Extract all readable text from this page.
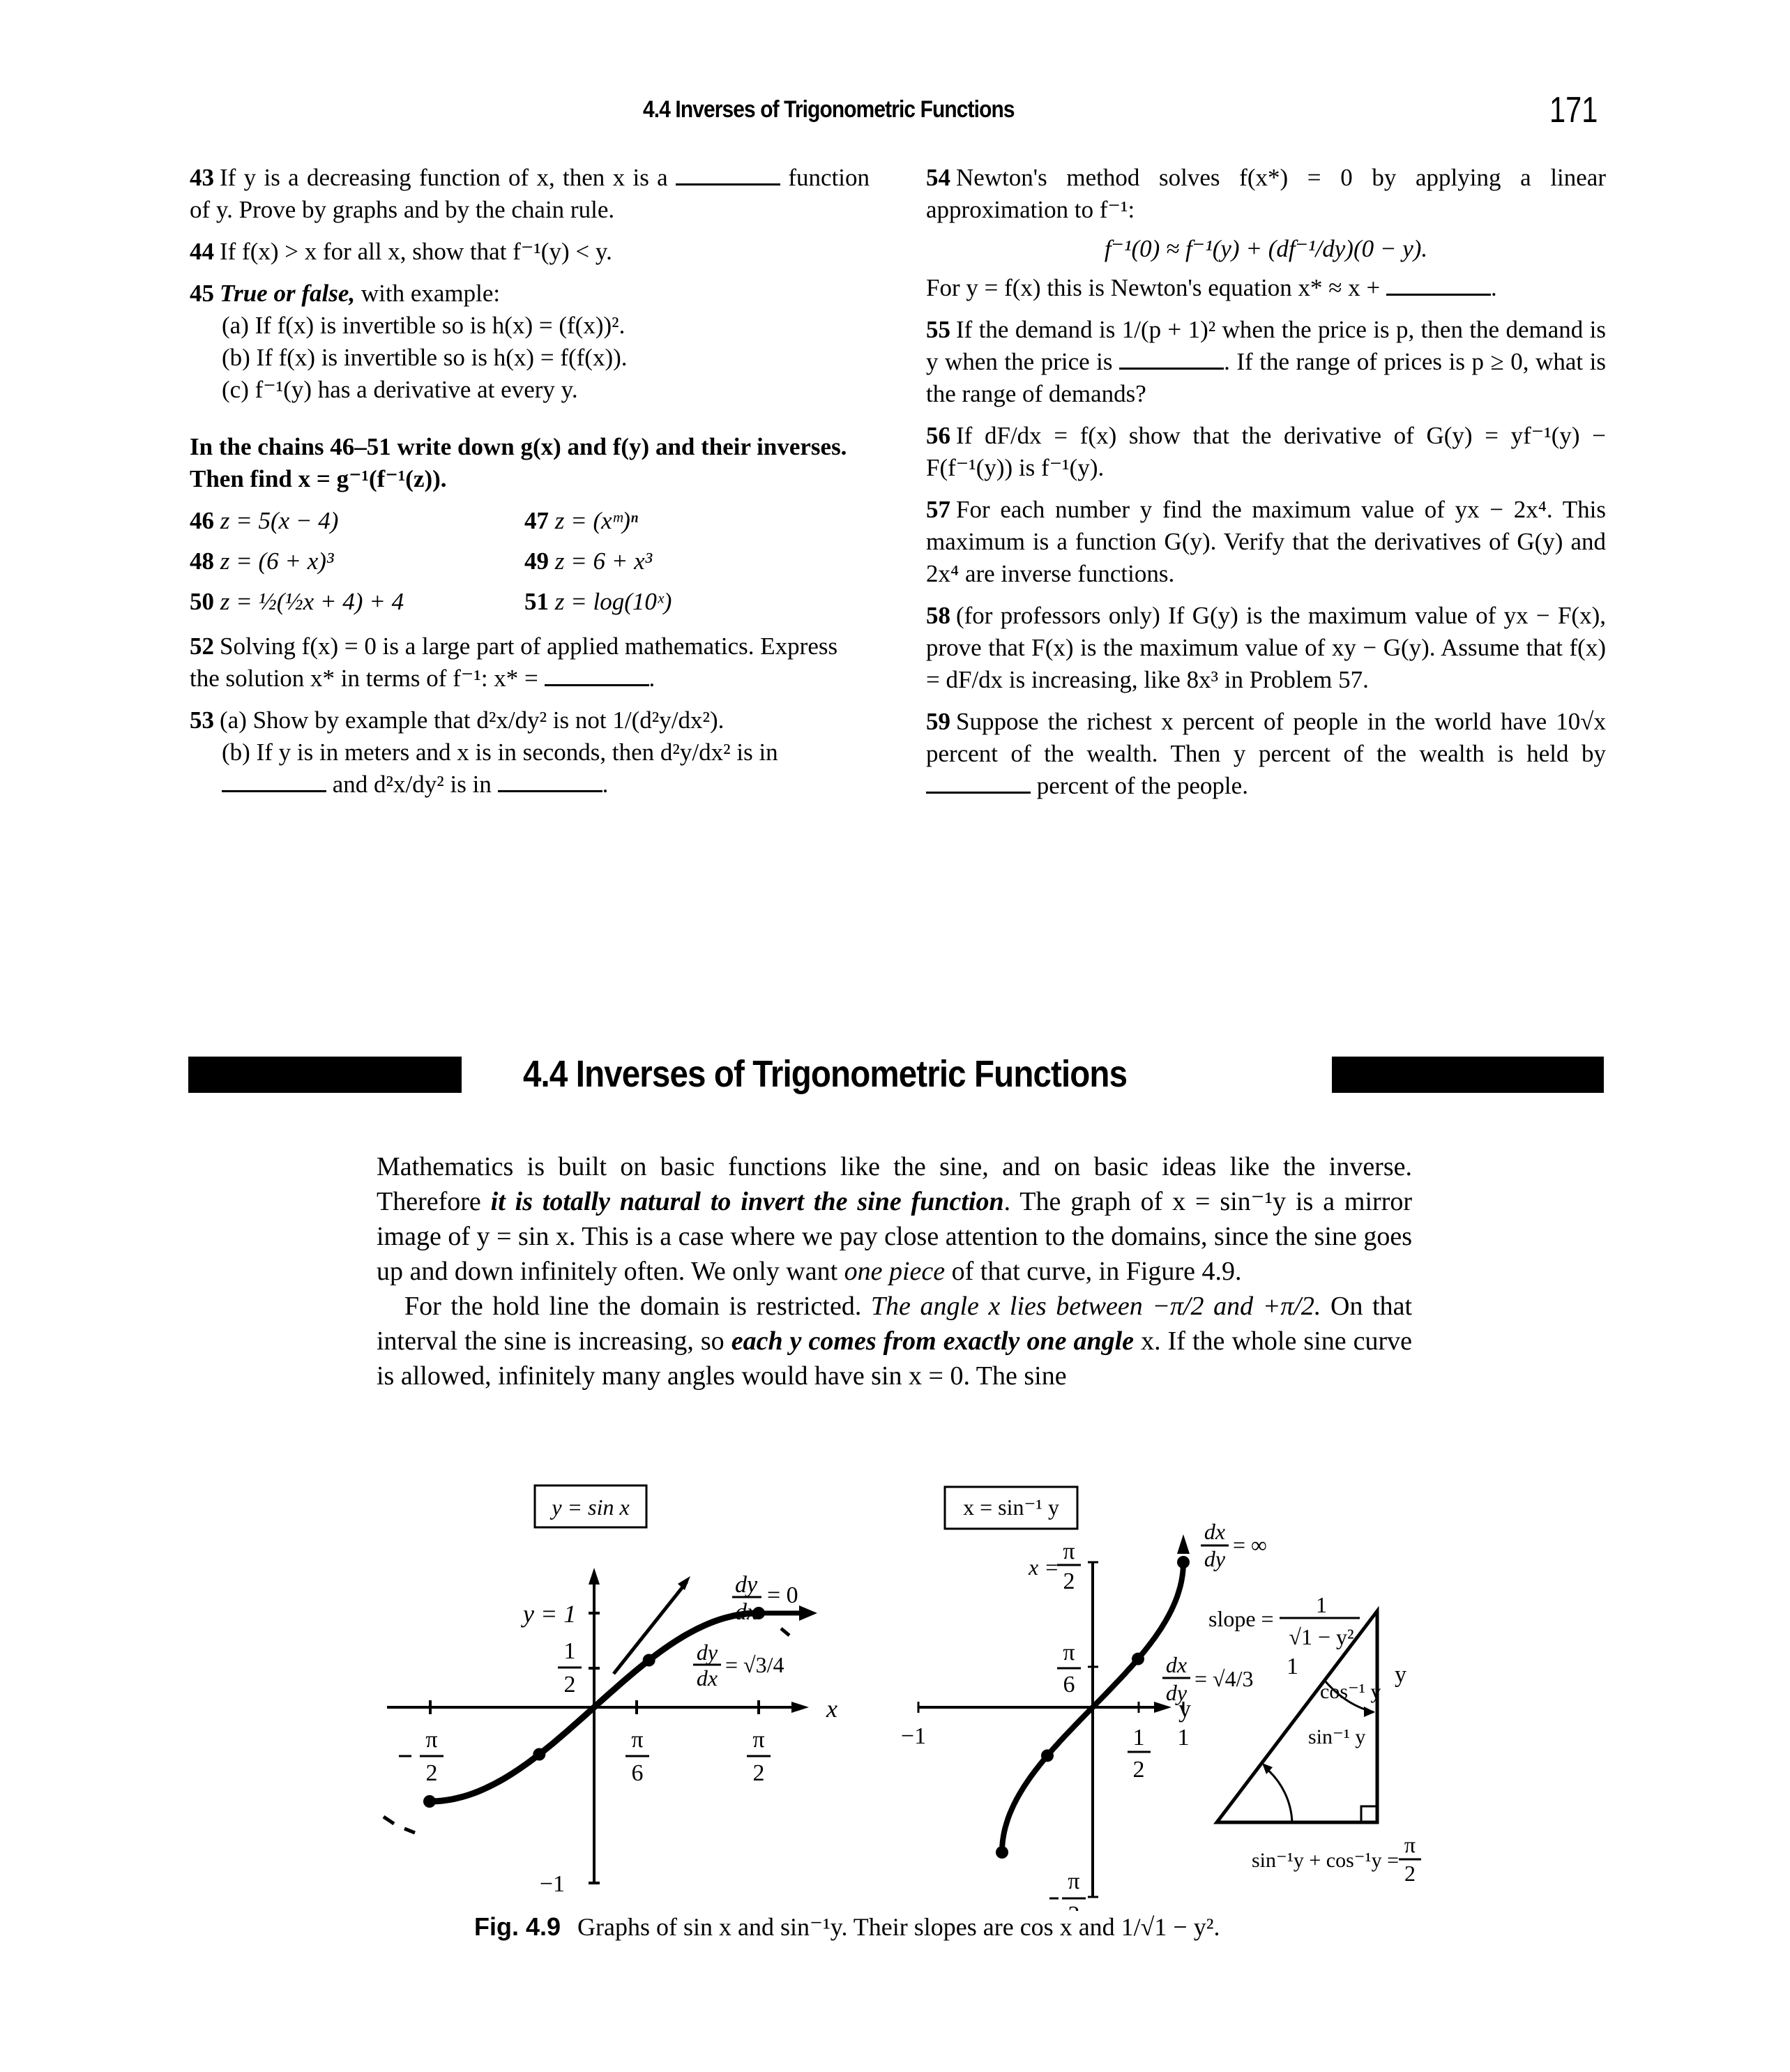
4.4 Inverses of Trigonometric Functions	171
43 If y is a decreasing function of x, then x is a	function of y. Prove by graphs and by the chain rule.
44 If f(x) > x for all x, show that f⁻¹(y) < y.
45 True or false, with example:
(a) If f(x) is invertible so is h(x) = (f(x))².
(b) If f(x) is invertible so is h(x) = f(f(x)).
(c) f⁻¹(y) has a derivative at every y.
In the chains 46–51 write down g(x) and f(y) and their inverses. Then find x = g⁻¹(f⁻¹(z)).
46 z = 5(x − 4)	47 z = (xᵐ)ⁿ
48 z = (6 + x)³	49 z = 6 + x³
50 z = ½(½x + 4) + 4	51 z = log(10ˣ)
52 Solving f(x) = 0 is a large part of applied mathematics. Express the solution x* in terms of f⁻¹: x* =	.
53 (a) Show by example that d²x/dy² is not 1/(d²y/dx²).
(b) If y is in meters and x is in seconds, then d²y/dx² is in
and d²x/dy² is in	.
54 Newton's method solves f(x*) = 0 by applying a linear approximation to f⁻¹:
f⁻¹(0) ≈ f⁻¹(y) + (df⁻¹/dy)(0 − y).
For y = f(x) this is Newton's equation x* ≈ x +	.
55 If the demand is 1/(p + 1)² when the price is p, then the demand is y when the price is	. If the range of prices is p ≥ 0, what is the range of demands?
56 If dF/dx = f(x) show that the derivative of G(y) = yf⁻¹(y) − F(f⁻¹(y)) is f⁻¹(y).
57 For each number y find the maximum value of yx − 2x⁴. This maximum is a function G(y). Verify that the derivatives of G(y) and 2x⁴ are inverse functions.
58 (for professors only) If G(y) is the maximum value of yx − F(x), prove that F(x) is the maximum value of xy − G(y). Assume that f(x) = dF/dx is increasing, like 8x³ in Problem 57.
59 Suppose the richest x percent of people in the world have 10√x percent of the wealth. Then y percent of the wealth is held by  percent of the people.
4.4 Inverses of Trigonometric Functions

Mathematics is built on basic functions like the sine, and on basic ideas like the inverse. Therefore it is totally natural to invert the sine function. The graph of x = sin⁻¹y is a mirror image of y = sin x. This is a case where we pay close attention to the domains, since the sine goes up and down infinitely often. We only want one piece of that curve, in Figure 4.9.

For the hold line the domain is restricted. The angle x lies between −π/2 and +π/2. On that interval the sine is increasing, so each y comes from exactly one angle x. If the whole sine curve is allowed, infinitely many angles would have sin x = 0. The sine

y = sin x
x
y = 1
1
2
−1
π
2
π
6
π
2
dy
dx
= 0
dy
dx
= √3/4
x = sin⁻¹ y
y
x =
π
2
π
6
π
−1	1
2
1
dx
dy
= ∞
slope =
1
√1 − y²
dx
dy
= √4/3 1	y
cos⁻¹ y
sin⁻¹ y
sin⁻¹y + cos⁻¹y =
π
2
Fig. 4.9 Graphs of sin x and sin⁻¹y. Their slopes are cos x and 1/√1 − y².
